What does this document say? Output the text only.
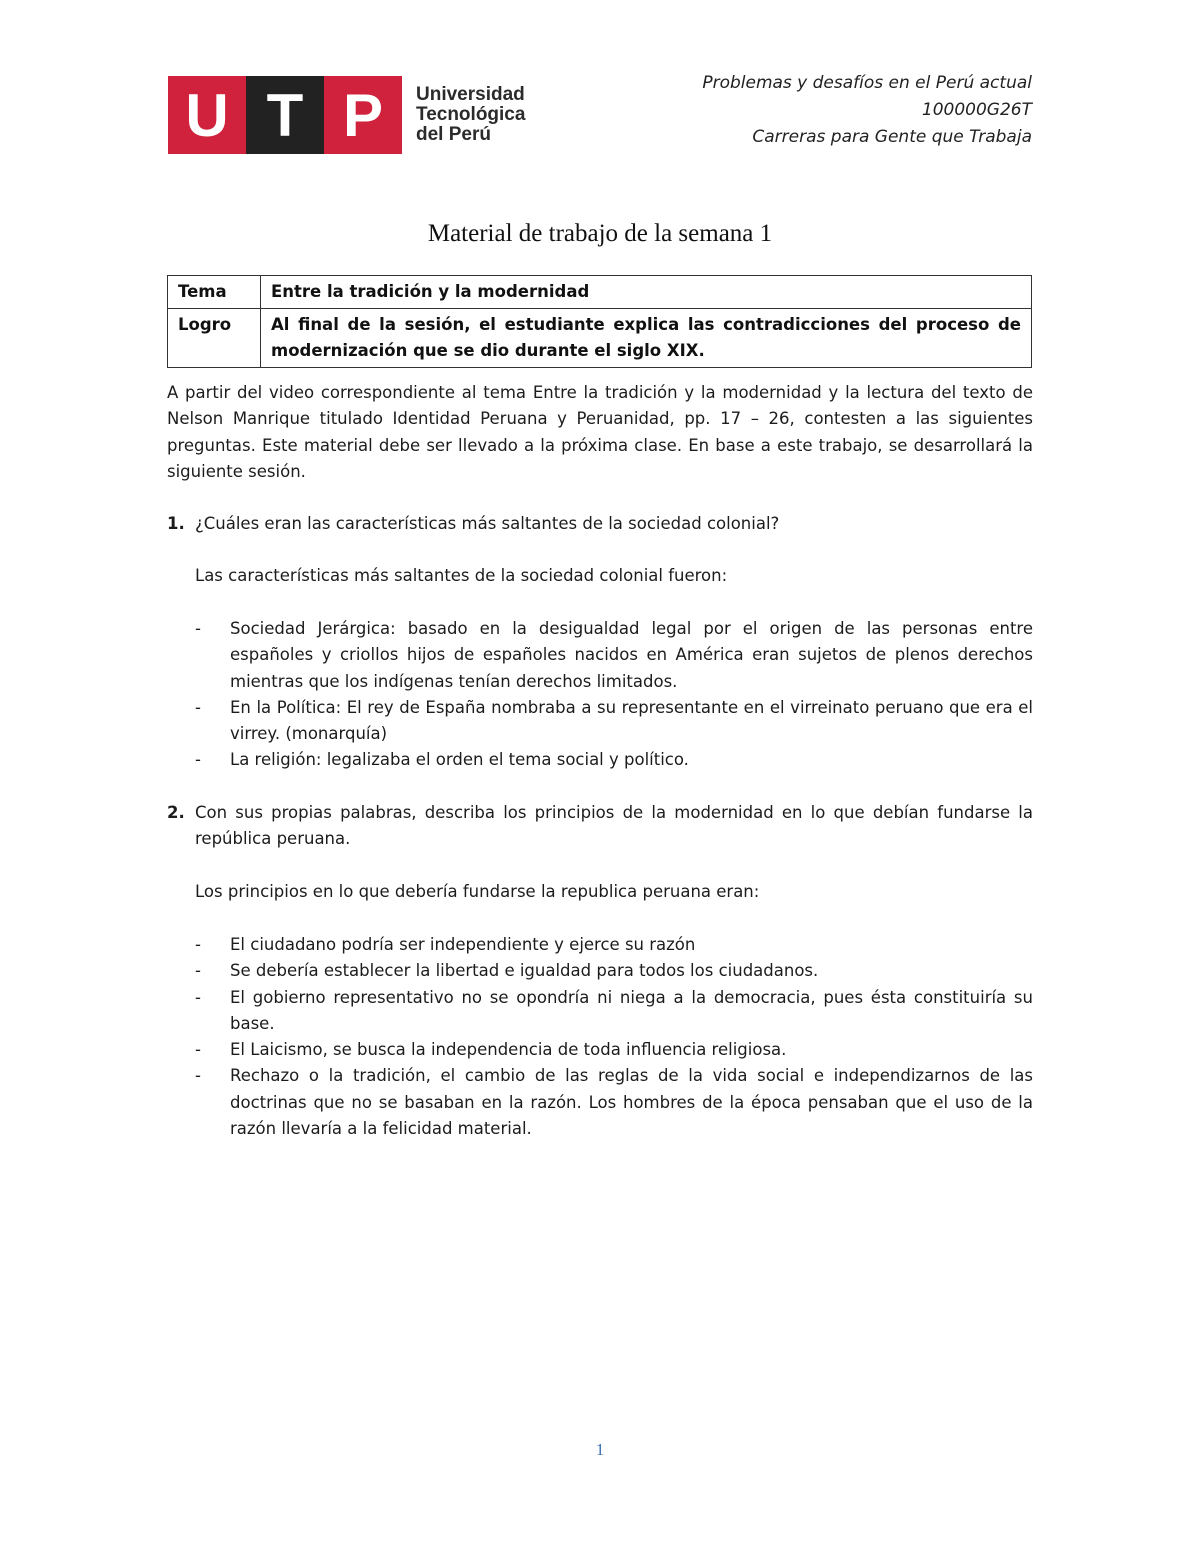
U T P	Universidad
Tecnológica
del Perú
Problemas y desafíos en el Perú actual
100000G26T
Carreras para Gente que Trabaja
Material de trabajo de la semana 1
Tema	Entre la tradición y la modernidad
Logro	Al final de la sesión, el estudiante explica las contradicciones del proceso de modernización que se dio durante el siglo XIX.
A partir del video correspondiente al tema Entre la tradición y la modernidad y la lectura del texto de Nelson Manrique titulado Identidad Peruana y Peruanidad, pp. 17 – 26, contesten a las siguientes preguntas. Este material debe ser llevado a la próxima clase. En base a este trabajo, se desarrollará la siguiente sesión.
1. ¿Cuáles eran las características más saltantes de la sociedad colonial?
Las características más saltantes de la sociedad colonial fueron:
-	Sociedad Jerárgica: basado en la desigualdad legal por el origen de las personas entre españoles y criollos hijos de españoles nacidos en América eran sujetos de plenos derechos mientras que los indígenas tenían derechos limitados.
-	En la Política: El rey de España nombraba a su representante en el virreinato peruano que era el virrey. (monarquía)
-	La religión: legalizaba el orden el tema social y político.
2. Con sus propias palabras, describa los principios de la modernidad en lo que debían fundarse la república peruana.
Los principios en lo que debería fundarse la republica peruana eran:
-	El ciudadano podría ser independiente y ejerce su razón
-	Se debería establecer la libertad e igualdad para todos los ciudadanos.
-	El gobierno representativo no se opondría ni niega a la democracia, pues ésta constituiría su base.
-	El Laicismo, se busca la independencia de toda influencia religiosa.
-	Rechazo o la tradición, el cambio de las reglas de la vida social e independizarnos de las doctrinas que no se basaban en la razón. Los hombres de la época pensaban que el uso de la razón llevaría a la felicidad material.
1
